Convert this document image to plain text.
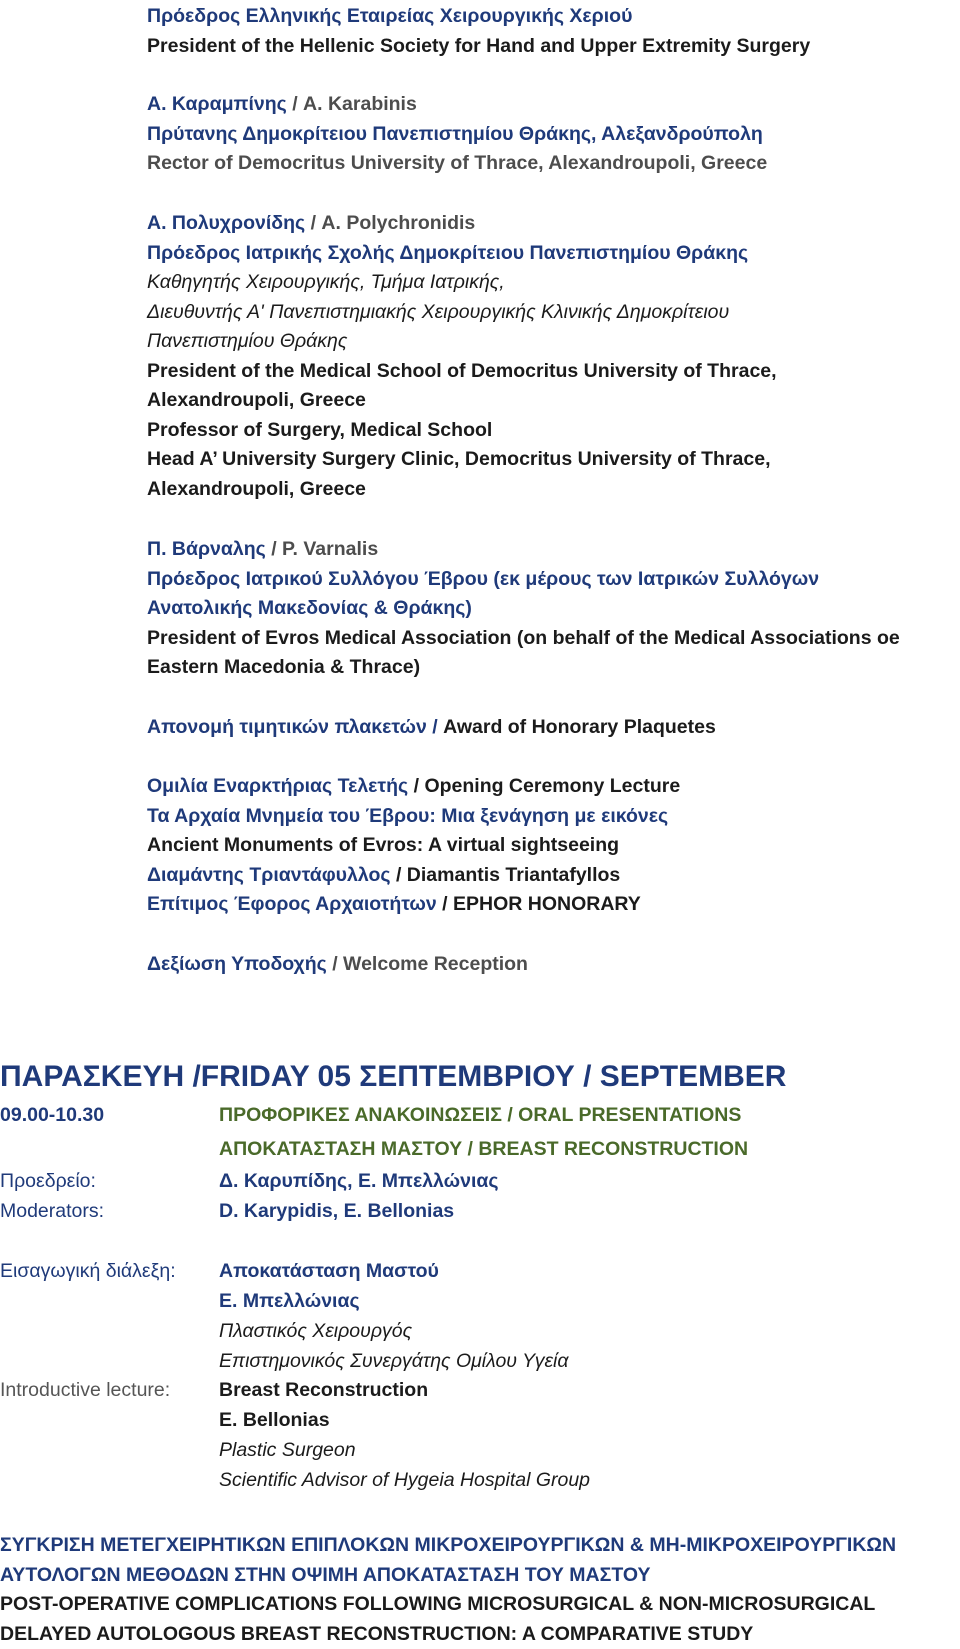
Πρόεδρος Ελληνικής Εταιρείας Χειρουργικής Χεριού
President of the Hellenic Society for Hand and Upper Extremity Surgery
Α. Καραμπίνης / A. Karabinis
Πρύτανης Δημοκρίτειου Πανεπιστημίου Θράκης, Αλεξανδρούπολη
Rector of Democritus University of Thrace, Alexandroupoli, Greece
Α. Πολυχρονίδης / A. Polychronidis
Πρόεδρος Ιατρικής Σχολής Δημοκρίτειου Πανεπιστημίου Θράκης
Καθηγητής Χειρουργικής, Τμήμα Ιατρικής,
Διευθυντής Α' Πανεπιστημιακής Χειρουργικής Κλινικής Δημοκρίτειου
Πανεπιστημίου Θράκης
President of the Medical School of Democritus University of Thrace,
Alexandroupoli, Greece
Professor of Surgery, Medical School
Head A’ University Surgery Clinic, Democritus University of Thrace,
Alexandroupoli, Greece
Π. Βάρναλης / P. Varnalis
Πρόεδρος Ιατρικού Συλλόγου Έβρου (εκ μέρους των Ιατρικών Συλλόγων
Ανατολικής Μακεδονίας & Θράκης)
President of Evros Medical Association (on behalf of the Medical Associations oe
Eastern Macedonia & Thrace)
Απονομή τιμητικών πλακετών / Award of Honorary Plaquetes
Ομιλία Εναρκτήριας Τελετής / Opening Ceremony Lecture
Τα Αρχαία Μνημεία του Έβρου: Μια ξενάγηση με εικόνες
Ancient Monuments of Evros: A virtual sightseeing
Διαμάντης Τριαντάφυλλος / Diamantis Triantafyllos
Επίτιμος Έφορος Αρχαιοτήτων / EPHOR HONORARY
Δεξίωση Υποδοχής / Welcome Reception
ΠΑΡΑΣΚΕΥΗ /FRIDAY 05 ΣΕΠΤΕΜΒΡΙΟΥ / SEPTEMBER
09.00-10.30	ΠΡΟΦΟΡΙΚΕΣ ΑΝΑΚΟΙΝΩΣΕΙΣ / ORAL PRESENTATIONS
ΑΠΟΚΑΤΑΣΤΑΣΗ ΜΑΣΤΟΥ / BREAST RECONSTRUCTION
Προεδρείο:	Δ. Καρυπίδης, Ε. Μπελλώνιας
Moderators:	D. Karypidis, E. Bellonias
Εισαγωγική διάλεξη: Αποκατάσταση Μαστού
Ε. Μπελλώνιας
Πλαστικός Χειρουργός
Επιστημονικός Συνεργάτης Ομίλου Υγεία
Introductive lecture:	Breast Reconstruction
E. Bellonias
Plastic Surgeon
Scientific Advisor of Hygeia Hospital Group
ΣΥΓΚΡΙΣΗ ΜΕΤΕΓΧΕΙΡΗΤΙΚΩΝ ΕΠΙΠΛΟΚΩΝ ΜΙΚΡΟΧΕΙΡΟΥΡΓΙΚΩΝ & ΜΗ-ΜΙΚΡΟΧΕΙΡΟΥΡΓΙΚΩΝ
ΑΥΤΟΛΟΓΩΝ ΜΕΘΟΔΩΝ ΣΤΗΝ ΟΨΙΜΗ ΑΠΟΚΑΤΑΣΤΑΣΗ ΤΟΥ ΜΑΣΤΟΥ
POST-OPERATIVE COMPLICATIONS FOLLOWING MICROSURGICAL & NON-MICROSURGICAL
DELAYED AUTOLOGOUS BREAST RECONSTRUCTION: A COMPARATIVE STUDY
